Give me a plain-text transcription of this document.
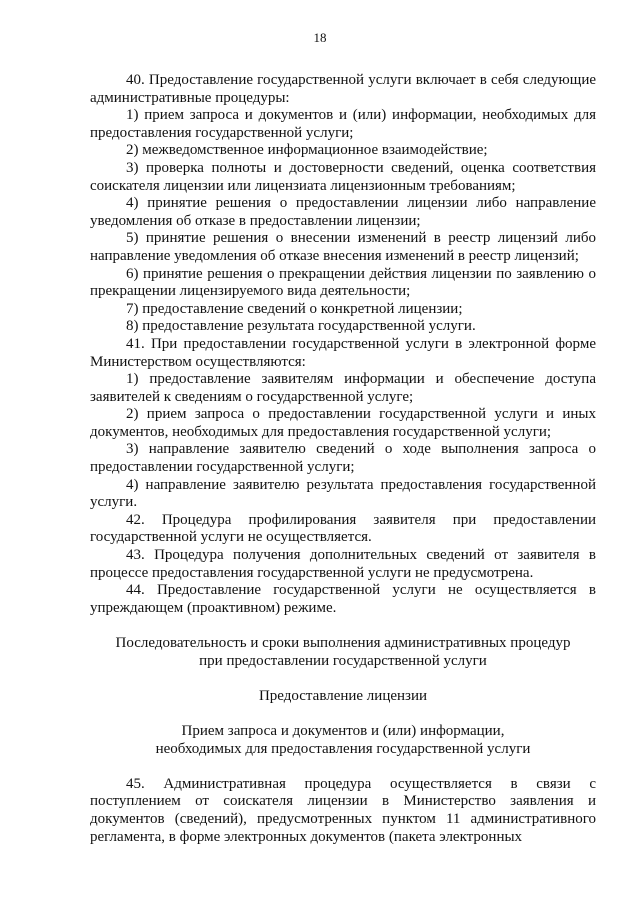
18

40. Предоставление государственной услуги включает в себя следующие административные процедуры:

1) прием запроса и документов и (или) информации, необходимых для предоставления государственной услуги;

2) межведомственное информационное взаимодействие;

3) проверка полноты и достоверности сведений, оценка соответствия соискателя лицензии или лицензиата лицензионным требованиям;

4) принятие решения о предоставлении лицензии либо направление уведомления об отказе в предоставлении лицензии;

5) принятие решения о внесении изменений в реестр лицензий либо направление уведомления об отказе внесения изменений в реестр лицензий;

6) принятие решения о прекращении действия лицензии по заявлению о прекращении лицензируемого вида деятельности;

7) предоставление сведений о конкретной лицензии;

8) предоставление результата государственной услуги.

41. При предоставлении государственной услуги в электронной форме Министерством осуществляются:

1) предоставление заявителям информации и обеспечение доступа заявителей к сведениям о государственной услуге;

2) прием запроса о предоставлении государственной услуги и иных документов, необходимых для предоставления государственной услуги;

3) направление заявителю сведений о ходе выполнения запроса о предоставлении государственной услуги;

4) направление заявителю результата предоставления государственной услуги.

42. Процедура профилирования заявителя при предоставлении государственной услуги не осуществляется.

43. Процедура получения дополнительных сведений от заявителя в процессе предоставления государственной услуги не предусмотрена.

44. Предоставление государственной услуги не осуществляется в упреждающем (проактивном) режиме.

Последовательность и сроки выполнения административных процедур

при предоставлении государственной услуги

Предоставление лицензии

Прием запроса и документов и (или) информации,

необходимых для предоставления государственной услуги

45. Административная процедура осуществляется в связи с поступлением от соискателя лицензии в Министерство заявления и документов (сведений), предусмотренных пунктом 11 административного регламента, в форме электронных документов (пакета электронных
